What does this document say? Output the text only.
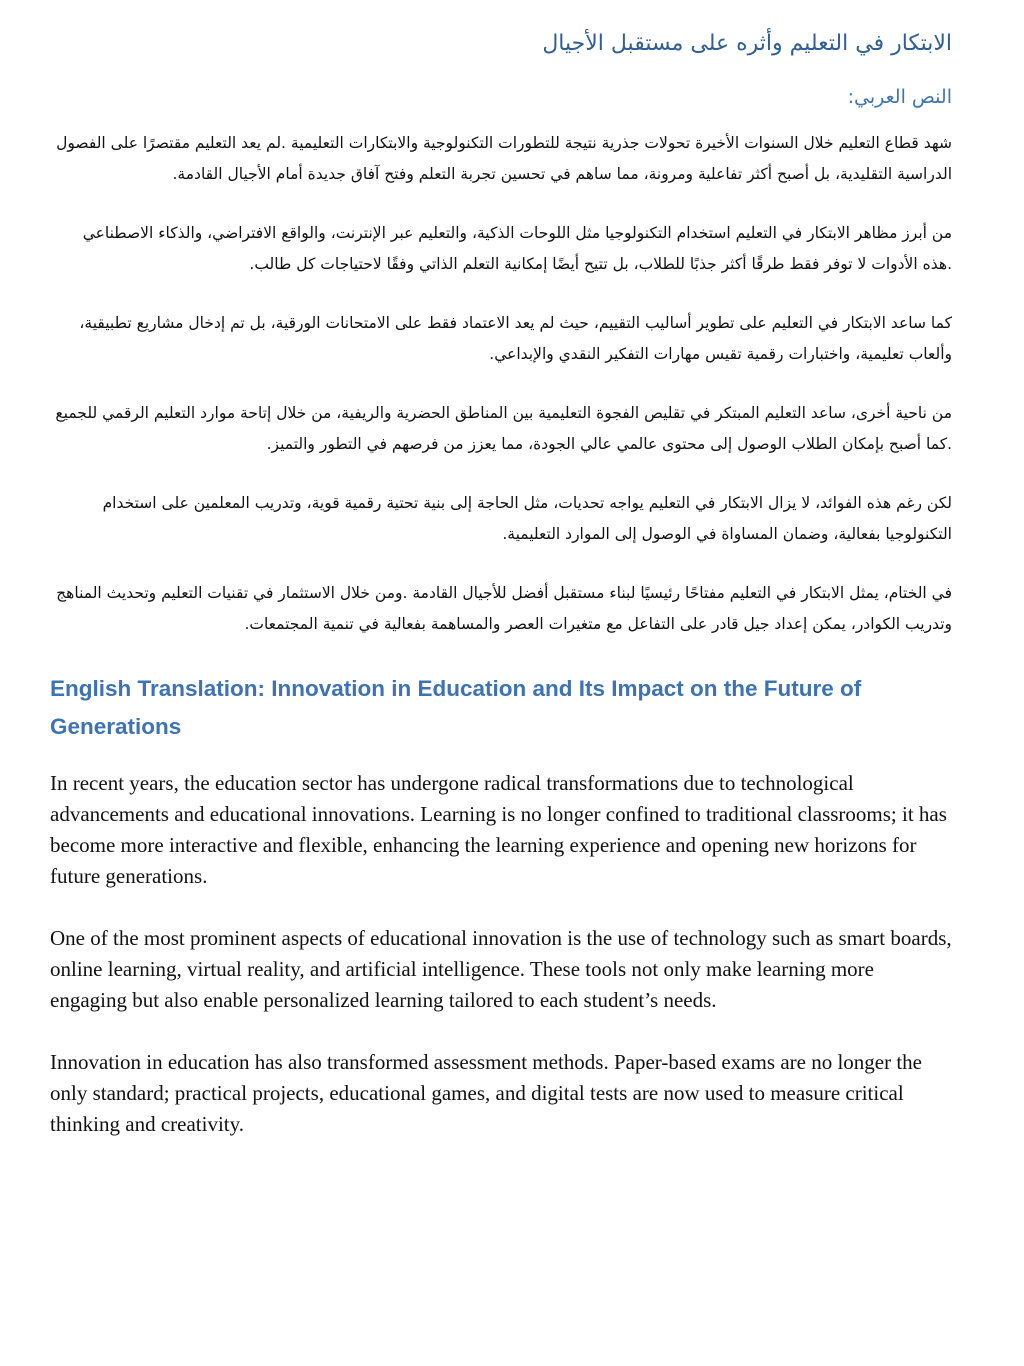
الابتكار في التعليم وأثره على مستقبل الأجيال
النص العربي:

شهد قطاع التعليم خلال السنوات الأخيرة تحولات جذرية نتيجة للتطورات التكنولوجية والابتكارات التعليمية .لم يعد التعليم مقتصرًا على الفصول الدراسية التقليدية، بل أصبح أكثر تفاعلية ومرونة، مما ساهم في تحسين تجربة التعلم وفتح آفاق جديدة أمام الأجيال القادمة.

من أبرز مظاهر الابتكار في التعليم استخدام التكنولوجيا مثل اللوحات الذكية، والتعليم عبر الإنترنت، والواقع الافتراضي، والذكاء الاصطناعي .هذه الأدوات لا توفر فقط طرقًا أكثر جذبًا للطلاب، بل تتيح أيضًا إمكانية التعلم الذاتي وفقًا لاحتياجات كل طالب.

كما ساعد الابتكار في التعليم على تطوير أساليب التقييم، حيث لم يعد الاعتماد فقط على الامتحانات الورقية، بل تم إدخال مشاريع تطبيقية، وألعاب تعليمية، واختبارات رقمية تقيس مهارات التفكير النقدي والإبداعي.

من ناحية أخرى، ساعد التعليم المبتكر في تقليص الفجوة التعليمية بين المناطق الحضرية والريفية، من خلال إتاحة موارد التعليم الرقمي للجميع .كما أصبح بإمكان الطلاب الوصول إلى محتوى عالمي عالي الجودة، مما يعزز من فرصهم في التطور والتميز.

لكن رغم هذه الفوائد، لا يزال الابتكار في التعليم يواجه تحديات، مثل الحاجة إلى بنية تحتية رقمية قوية، وتدريب المعلمين على استخدام التكنولوجيا بفعالية، وضمان المساواة في الوصول إلى الموارد التعليمية.

في الختام، يمثل الابتكار في التعليم مفتاحًا رئيسيًا لبناء مستقبل أفضل للأجيال القادمة .ومن خلال الاستثمار في تقنيات التعليم وتحديث المناهج وتدريب الكوادر، يمكن إعداد جيل قادر على التفاعل مع متغيرات العصر والمساهمة بفعالية في تنمية المجتمعات.

English Translation: Innovation in Education and Its Impact on the Future of Generations

In recent years, the education sector has undergone radical transformations due to technological advancements and educational innovations. Learning is no longer confined to traditional classrooms; it has become more interactive and flexible, enhancing the learning experience and opening new horizons for future generations.

One of the most prominent aspects of educational innovation is the use of technology such as smart boards, online learning, virtual reality, and artificial intelligence. These tools not only make learning more engaging but also enable personalized learning tailored to each student’s needs.

Innovation in education has also transformed assessment methods. Paper-based exams are no longer the only standard; practical projects, educational games, and digital tests are now used to measure critical thinking and creativity.
